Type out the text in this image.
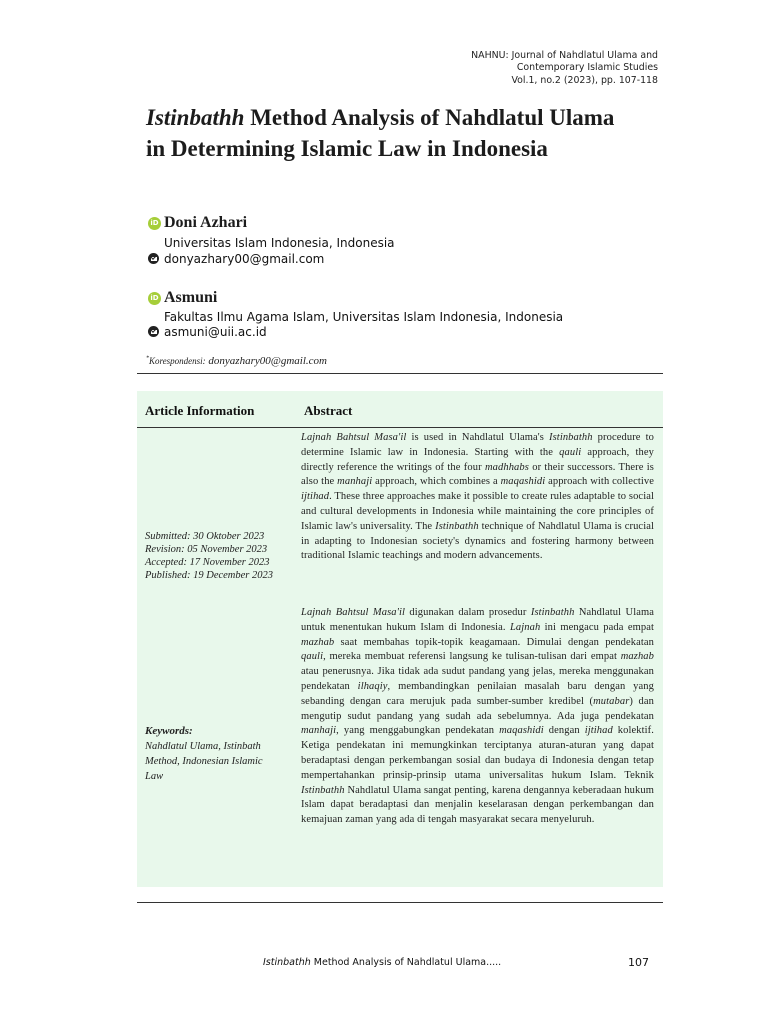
NAHNU: Journal of Nahdlatul Ulama and
Contemporary Islamic Studies
Vol.1, no.2 (2023), pp. 107-118
Istinbathh Method Analysis of Nahdlatul Ulama in Determining Islamic Law in Indonesia
iD Doni Azhari
Universitas Islam Indonesia, Indonesia
donyazhary00@gmail.com
iD Asmuni
Fakultas Ilmu Agama Islam, Universitas Islam Indonesia, Indonesia
asmuni@uii.ac.id
*Korespondensi: donyazhary00@gmail.com
Article Information	Abstract
Submitted: 30 Oktober 2023
Revision: 05 November 2023
Accepted: 17 November 2023
Published: 19 December 2023
Keywords:
Nahdlatul Ulama, Istinbath Method, Indonesian Islamic Law

Lajnah Bahtsul Masa'il is used in Nahdlatul Ulama's Istinbathh procedure to determine Islamic law in Indonesia. Starting with the qauli approach, they directly reference the writings of the four madhhabs or their successors. There is also the manhaji approach, which combines a maqashidi approach with collective ijtihad. These three approaches make it possible to create rules adaptable to social and cultural developments in Indonesia while maintaining the core principles of Islamic law's universality. The Istinbathh technique of Nahdlatul Ulama is crucial in adapting to Indonesian society's dynamics and fostering harmony between traditional Islamic teachings and modern advancements.

Lajnah Bahtsul Masa'il digunakan dalam prosedur Istinbathh Nahdlatul Ulama untuk menentukan hukum Islam di Indonesia. Lajnah ini mengacu pada empat mazhab saat membahas topik-topik keagamaan. Dimulai dengan pendekatan qauli, mereka membuat referensi langsung ke tulisan-tulisan dari empat mazhab atau penerusnya. Jika tidak ada sudut pandang yang jelas, mereka menggunakan pendekatan ilhaqiy, membandingkan penilaian masalah baru dengan yang sebanding dengan cara merujuk pada sumber-sumber kredibel (mutabar) dan mengutip sudut pandang yang sudah ada sebelumnya. Ada juga pendekatan manhaji, yang menggabungkan pendekatan maqashidi dengan ijtihad kolektif. Ketiga pendekatan ini memungkinkan terciptanya aturan-aturan yang dapat beradaptasi dengan perkembangan sosial dan budaya di Indonesia dengan tetap mempertahankan prinsip-prinsip utama universalitas hukum Islam. Teknik Istinbathh Nahdlatul Ulama sangat penting, karena dengannya keberadaan hukum Islam dapat beradaptasi dan menjalin keselarasan dengan perkembangan dan kemajuan zaman yang ada di tengah masyarakat secara menyeluruh.

Istinbathh Method Analysis of Nahdlatul Ulama.....	107
